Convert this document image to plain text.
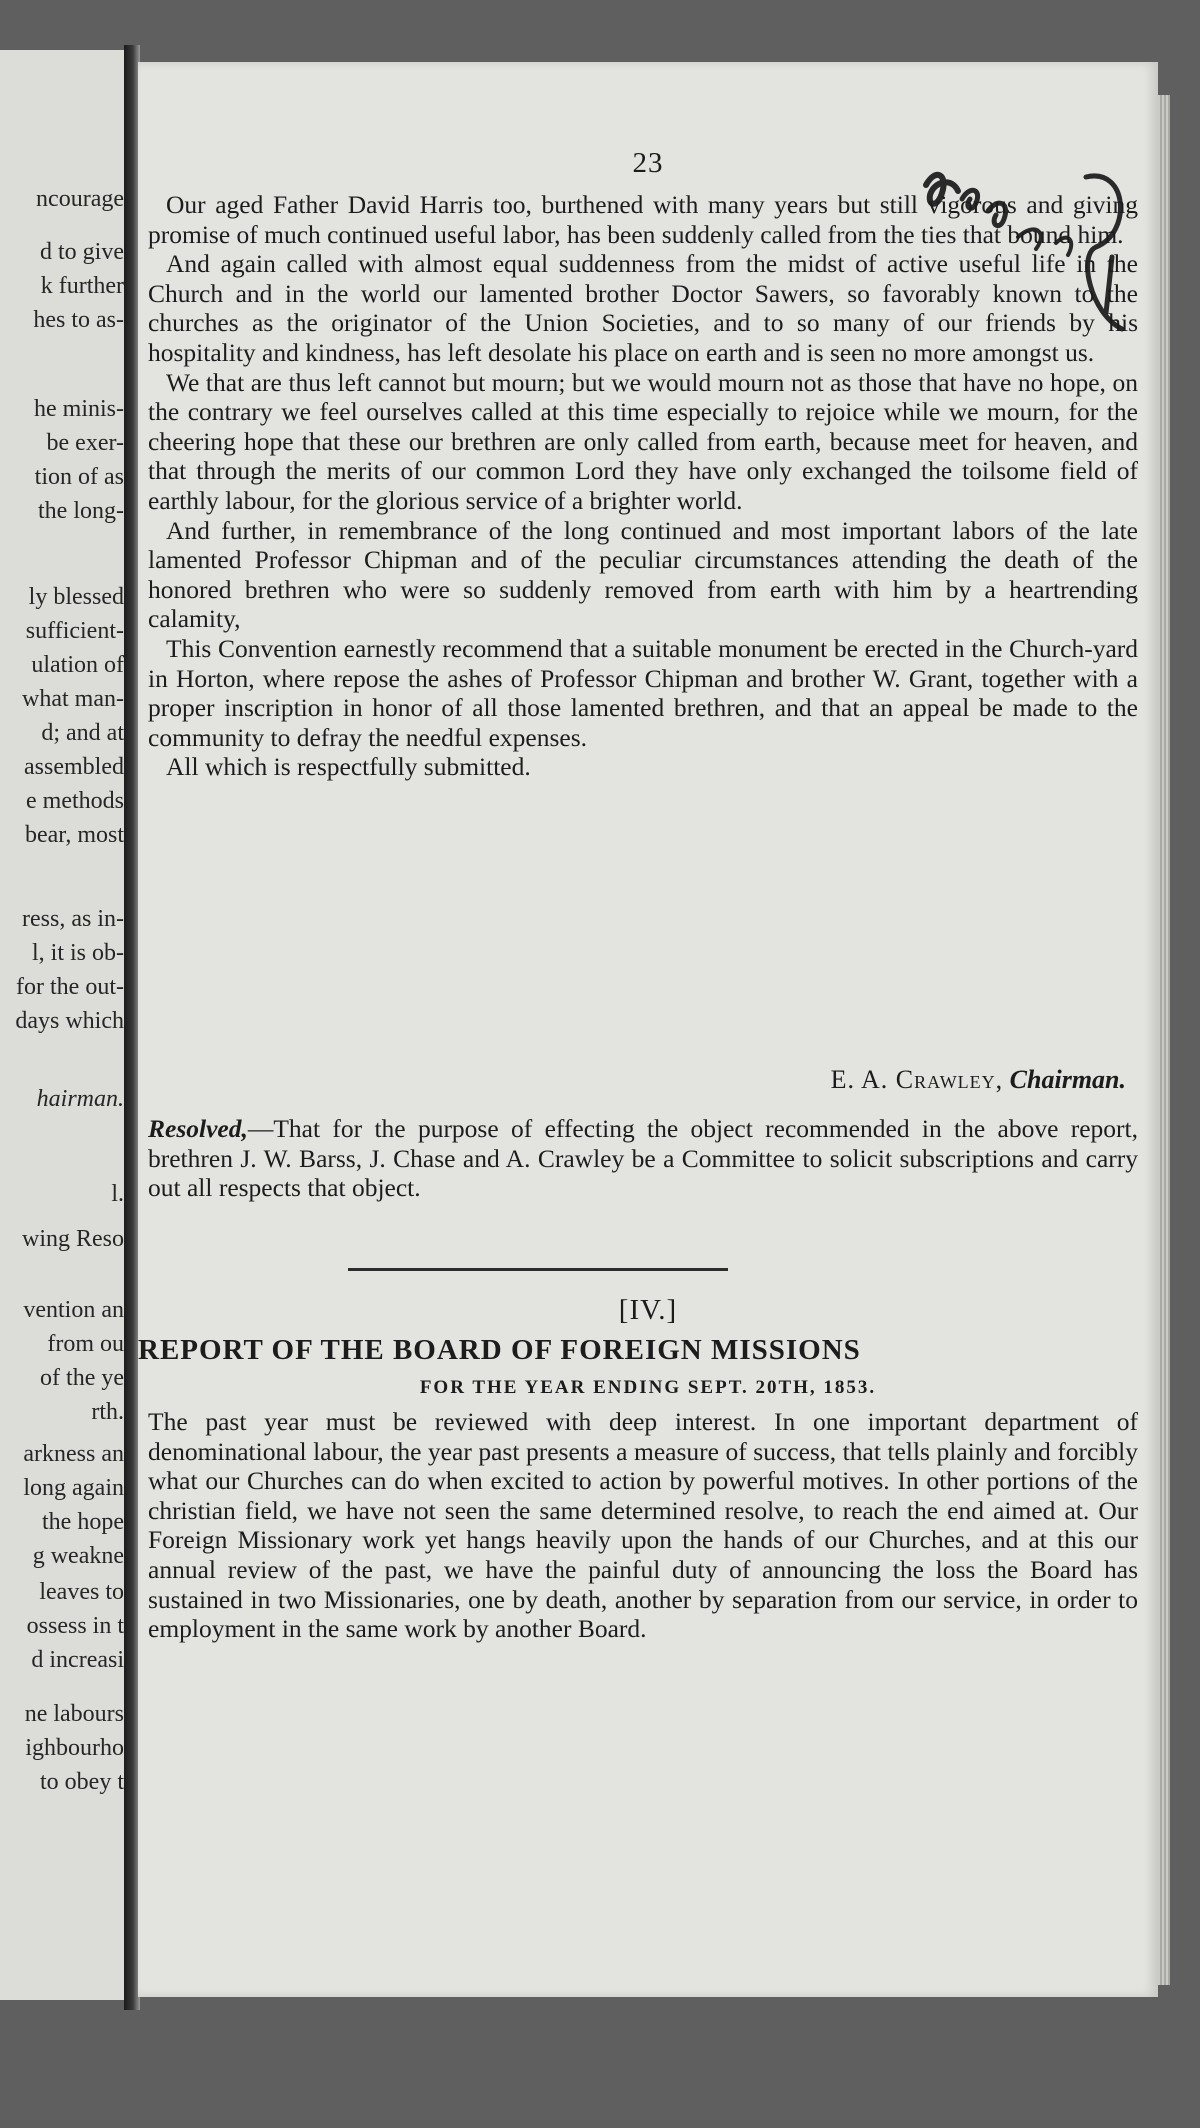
ncourage
d to give
k further
hes to as-
he minis-
be exer-
tion of as
the long-
ly blessed
sufficient-
ulation of
what man-
d; and at
assembled
e methods
bear, most
ress, as in-
l, it is ob-
for the out-
days which
hairman.
l.
wing Reso
vention an
from ou
of the ye
rth.
arkness an
long again
the hope
g weakne
leaves to
ossess in t
d increasi
ne labours
ighbourho
to obey t
23

Our aged Father David Harris too, burthened with many years but still vigorous and giving promise of much continued useful labor, has been suddenly called from the ties that bound him.

And again called with almost equal suddenness from the midst of active useful life in the Church and in the world our lamented brother Doctor Sawers, so favorably known to the churches as the originator of the Union Societies, and to so many of our friends by his hospitality and kindness, has left desolate his place on earth and is seen no more amongst us.

We that are thus left cannot but mourn; but we would mourn not as those that have no hope, on the contrary we feel ourselves called at this time especially to rejoice while we mourn, for the cheering hope that these our brethren are only called from earth, because meet for heaven, and that through the merits of our common Lord they have only exchanged the toilsome field of earthly labour, for the glorious service of a brighter world.

And further, in remembrance of the long continued and most important labors of the late lamented Professor Chipman and of the peculiar circumstances attending the death of the honored brethren who were so suddenly removed from earth with him by a heartrending calamity,

This Convention earnestly recommend that a suitable monument be erected in the Church-yard in Horton, where repose the ashes of Professor Chipman and brother W. Grant, together with a proper inscription in honor of all those lamented brethren, and that an appeal be made to the community to defray the needful expenses.

All which is respectfully submitted.

E. A. Crawley, Chairman.

Resolved,—That for the purpose of effecting the object recommended in the above report, brethren J. W. Barss, J. Chase and A. Crawley be a Committee to solicit subscriptions and carry out all respects that object.

[IV.]
REPORT OF THE BOARD OF FOREIGN MISSIONS
FOR THE YEAR ENDING SEPT. 20TH, 1853.

The past year must be reviewed with deep interest. In one important department of denominational labour, the year past presents a measure of success, that tells plainly and forcibly what our Churches can do when excited to action by powerful motives. In other portions of the christian field, we have not seen the same determined resolve, to reach the end aimed at. Our Foreign Missionary work yet hangs heavily upon the hands of our Churches, and at this our annual review of the past, we have the painful duty of announcing the loss the Board has sustained in two Missionaries, one by death, another by separation from our service, in order to employment in the same work by another Board.
